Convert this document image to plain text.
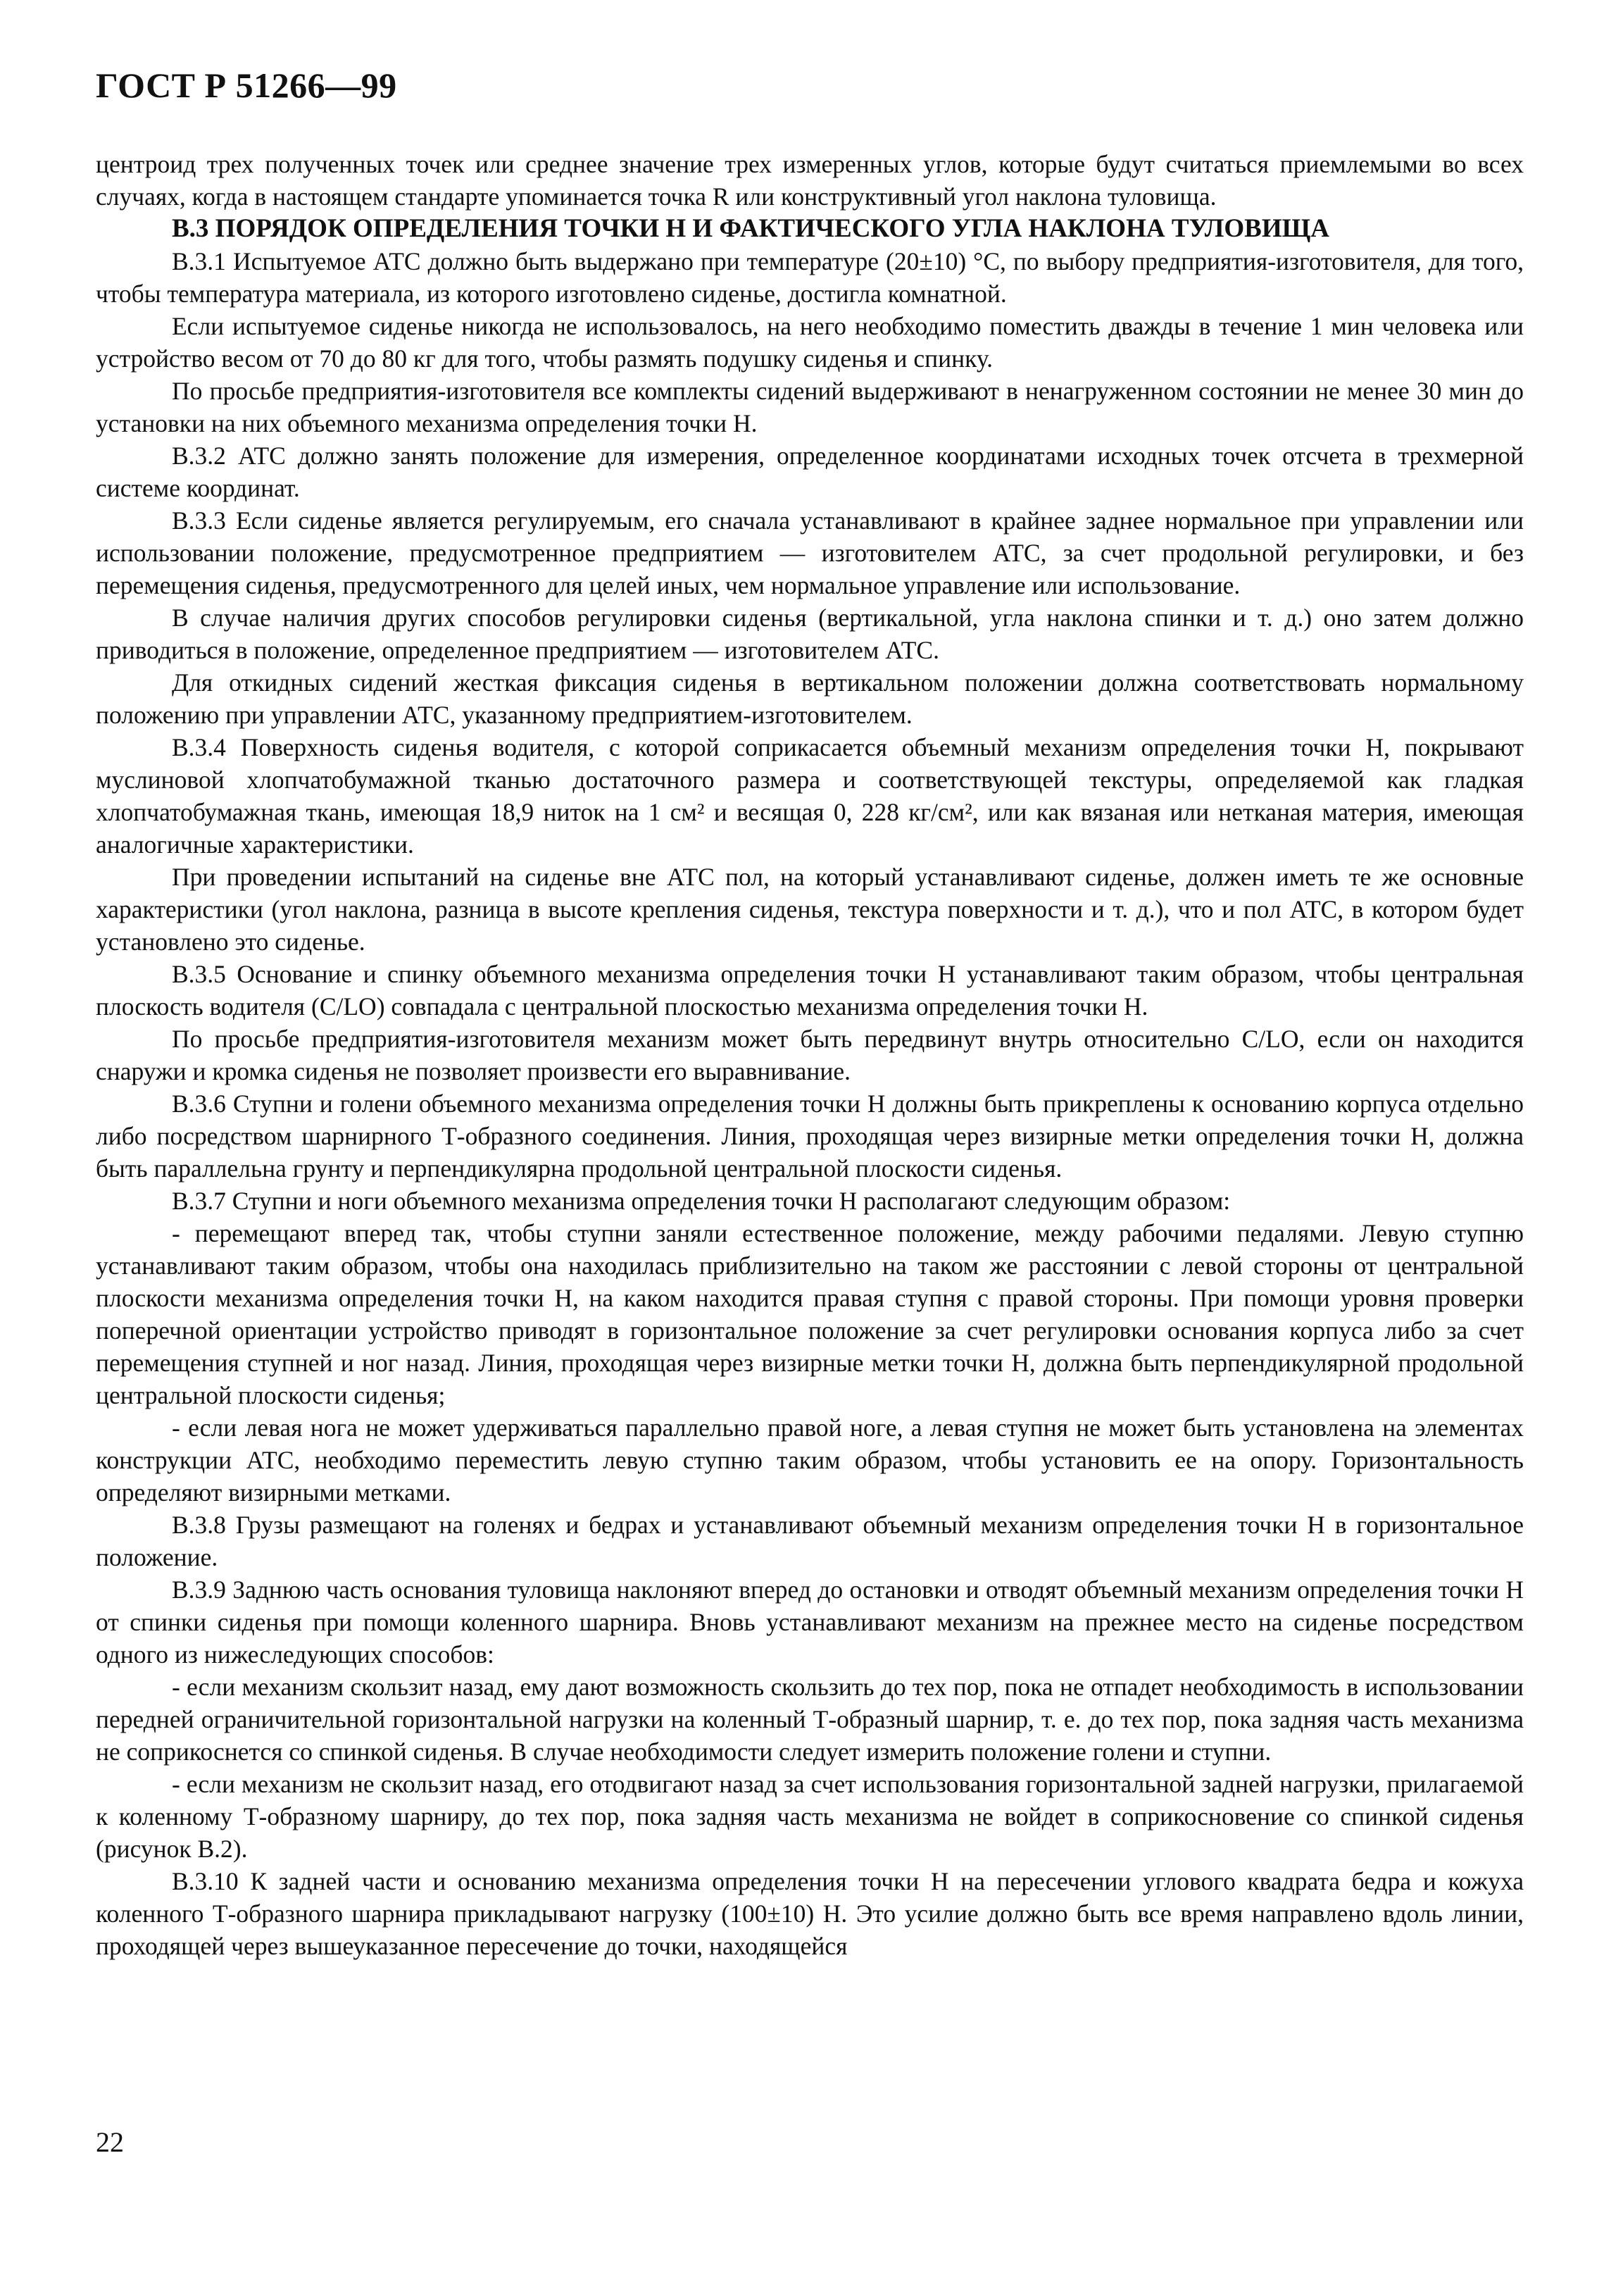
ГОСТ Р 51266—99

центроид трех полученных точек или среднее значение трех измеренных углов, которые будут считаться приемлемыми во всех случаях, когда в настоящем стандарте упоминается точка R или конструктивный угол наклона туловища.

В.3 ПОРЯДОК ОПРЕДЕЛЕНИЯ ТОЧКИ H И ФАКТИЧЕСКОГО УГЛА НАКЛОНА ТУЛОВИЩА

В.3.1 Испытуемое АТС должно быть выдержано при температуре (20±10) °С, по выбору предприятия-изготовителя, для того, чтобы температура материала, из которого изготовлено сиденье, достигла комнатной.

Если испытуемое сиденье никогда не использовалось, на него необходимо поместить дважды в течение 1 мин человека или устройство весом от 70 до 80 кг для того, чтобы размять подушку сиденья и спинку.

По просьбе предприятия-изготовителя все комплекты сидений выдерживают в ненагруженном состоянии не менее 30 мин до установки на них объемного механизма определения точки H.

В.3.2 АТС должно занять положение для измерения, определенное координатами исходных точек отсчета в трехмерной системе координат.

В.3.3 Если сиденье является регулируемым, его сначала устанавливают в крайнее заднее нормальное при управлении или использовании положение, предусмотренное предприятием — изготовителем АТС, за счет продольной регулировки, и без перемещения сиденья, предусмотренного для целей иных, чем нормальное управление или использование.

В случае наличия других способов регулировки сиденья (вертикальной, угла наклона спинки и т. д.) оно затем должно приводиться в положение, определенное предприятием — изготовителем АТС.

Для откидных сидений жесткая фиксация сиденья в вертикальном положении должна соответствовать нормальному положению при управлении АТС, указанному предприятием-изготовителем.

В.3.4 Поверхность сиденья водителя, с которой соприкасается объемный механизм определения точки Н, покрывают муслиновой хлопчатобумажной тканью достаточного размера и соответствующей текстуры, определяемой как гладкая хлопчатобумажная ткань, имеющая 18,9 ниток на 1 см² и весящая 0, 228 кг/см², или как вязаная или нетканая материя, имеющая аналогичные характеристики.

При проведении испытаний на сиденье вне АТС пол, на который устанавливают сиденье, должен иметь те же основные характеристики (угол наклона, разница в высоте крепления сиденья, текстура поверхности и т. д.), что и пол АТС, в котором будет установлено это сиденье.

В.3.5 Основание и спинку объемного механизма определения точки H устанавливают таким образом, чтобы центральная плоскость водителя (C/LO) совпадала с центральной плоскостью механизма определения точки H.

По просьбе предприятия-изготовителя механизм может быть передвинут внутрь относительно C/LO, если он находится снаружи и кромка сиденья не позволяет произвести его выравнивание.

В.3.6 Ступни и голени объемного механизма определения точки H должны быть прикреплены к основанию корпуса отдельно либо посредством шарнирного Т-образного соединения. Линия, проходящая через визирные метки определения точки H, должна быть параллельна грунту и перпендикулярна продольной центральной плоскости сиденья.

В.3.7 Ступни и ноги объемного механизма определения точки H располагают следующим образом:

- перемещают вперед так, чтобы ступни заняли естественное положение, между рабочими педалями. Левую ступню устанавливают таким образом, чтобы она находилась приблизительно на таком же расстоянии с левой стороны от центральной плоскости механизма определения точки H, на каком находится правая ступня с правой стороны. При помощи уровня проверки поперечной ориентации устройство приводят в горизонтальное положение за счет регулировки основания корпуса либо за счет перемещения ступней и ног назад. Линия, проходящая через визирные метки точки H, должна быть перпендикулярной продольной центральной плоскости сиденья;

- если левая нога не может удерживаться параллельно правой ноге, а левая ступня не может быть установлена на элементах конструкции АТС, необходимо переместить левую ступню таким образом, чтобы установить ее на опору. Горизонтальность определяют визирными метками.

В.3.8 Грузы размещают на голенях и бедрах и устанавливают объемный механизм определения точки H в горизонтальное положение.

В.3.9 Заднюю часть основания туловища наклоняют вперед до остановки и отводят объемный механизм определения точки H от спинки сиденья при помощи коленного шарнира. Вновь устанавливают механизм на прежнее место на сиденье посредством одного из нижеследующих способов:

- если механизм скользит назад, ему дают возможность скользить до тех пор, пока не отпадет необходимость в использовании передней ограничительной горизонтальной нагрузки на коленный Т-образный шарнир, т. е. до тех пор, пока задняя часть механизма не соприкоснется со спинкой сиденья. В случае необходимости следует измерить положение голени и ступни.

- если механизм не скользит назад, его отодвигают назад за счет использования горизонтальной задней нагрузки, прилагаемой к коленному Т-образному шарниру, до тех пор, пока задняя часть механизма не войдет в соприкосновение со спинкой сиденья (рисунок В.2).

В.3.10 К задней части и основанию механизма определения точки H на пересечении углового квадрата бедра и кожуха коленного Т-образного шарнира прикладывают нагрузку (100±10) Н. Это усилие должно быть все время направлено вдоль линии, проходящей через вышеуказанное пересечение до точки, находящейся

22
